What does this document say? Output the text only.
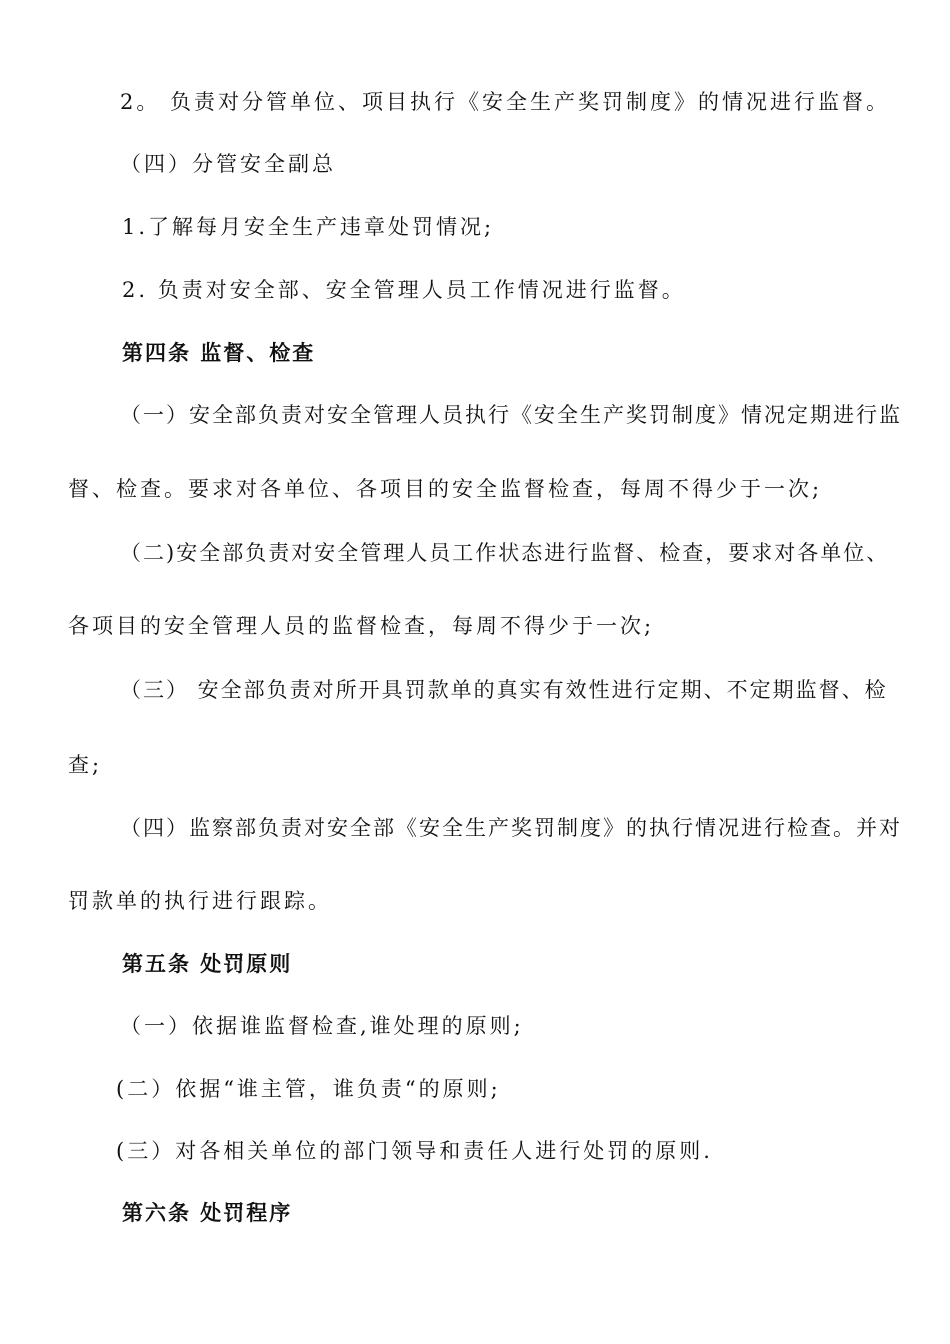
2。 负责对分管单位、项目执行《安全生产奖罚制度》的情况进行监督。
（四）分管安全副总
1.了解每月安全生产违章处罚情况;
2. 负责对安全部、安全管理人员工作情况进行监督。
第四条 监督、检查
（一）安全部负责对安全管理人员执行《安全生产奖罚制度》情况定期进行监
督、检查。要求对各单位、各项目的安全监督检查，每周不得少于一次;
（二)安全部负责对安全管理人员工作状态进行监督、检查，要求对各单位、
各项目的安全管理人员的监督检查，每周不得少于一次;
（三） 安全部负责对所开具罚款单的真实有效性进行定期、不定期监督、检
查;
（四）监察部负责对安全部《安全生产奖罚制度》的执行情况进行检查。并对
罚款单的执行进行跟踪。
第五条 处罚原则
（一）依据谁监督检查,谁处理的原则;
(二）依据“谁主管，谁负责“的原则;
(三）对各相关单位的部门领导和责任人进行处罚的原则.
第六条 处罚程序
